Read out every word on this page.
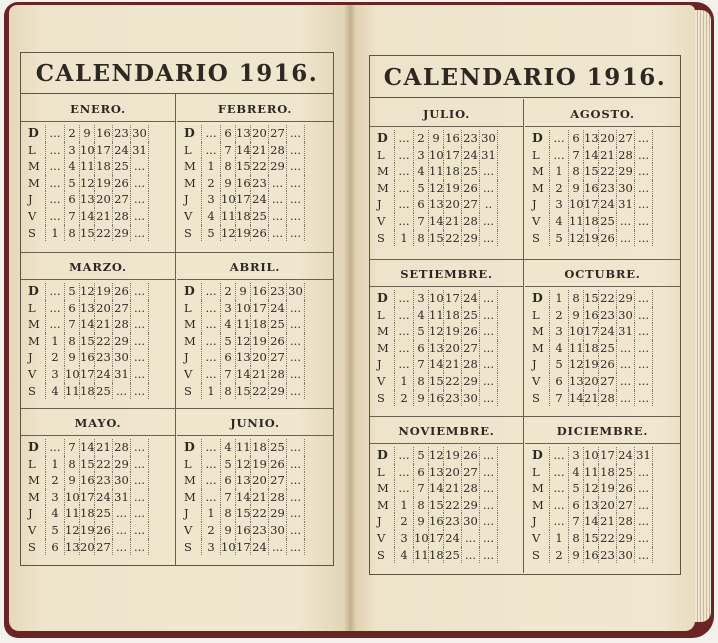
CALENDARIO 1916.
ENERO.
D ... 2 9 16 23 30
L	... 3 10 17 24 31
M ... 4 11 18 25 ...
M ... 5 12 19 26 ...
J	... 6 13 20 27 ...
V	... 7 14 21 28 ...
S	1 8 15 22 29 ...
FEBRERO.
D ... 6 13 20 27 ...
L	... 7 14 21 28 ...
M	1 8 15 22 29 ...
M	2 9 16 23 ... ...
J	3 10 17 24 ... ...
V	4 11 18 25 ... ...
S	5 12 19 26 ... ...
MARZO.
D ... 5 12 19 26 ...
L	... 6 13 20 27 ...
M ... 7 14 21 28 ...
M	1 8 15 22 29 ...
J	2 9 16 23 30 ...
V	3 10 17 24 31 ...
S	4 11 18 25 ... ...
ABRIL.
D ... 2 9 16 23 30
L	... 3 10 17 24 ...
M ... 4 11 18 25 ...
M ... 5 12 19 26 ...
J	... 6 13 20 27 ...
V	... 7 14 21 28 ...
S	1 8 15 22 29 ...
MAYO.
D ... 7 14 21 28 ...
L	1 8 15 22 29 ...
M	2 9 16 23 30 ...
M	3 10 17 24 31 ...
J	4 11 18 25 ... ...
V	5 12 19 26 ... ...
S	6 13 20 27 ... ...
JUNIO.
D ... 4 11 18 25 ...
L	... 5 12 19 26 ...
M ... 6 13 20 27 ...
M ... 7 14 21 28 ...
J	1 8 15 22 29 ...
V	2 9 16 23 30 ...
S	3 10 17 24 ... ...
CALENDARIO 1916.
JULIO.
D ... 2 9 16 23 30
L	... 3 10 17 24 31
M ... 4 11 18 25 ...
M ... 5 12 19 26 ...
J	... 6 13 20 27 ..
V	... 7 14 21 28 ...
S	1 8 15 22 29 ...
AGOSTO.
D ... 6 13 20 27 ...
L	... 7 14 21 28 ...
M	1 8 15 22 29 ...
M	2 9 16 23 30 ...
J	3 10 17 24 31 ...
V	4 11 18 25 ... ...
S	5 12 19 26 ... ...
SETIEMBRE.
D ... 3 10 17 24 ...
L	... 4 11 18 25 ...
M ... 5 12 19 26 ...
M ... 6 13 20 27 ...
J	... 7 14 21 28 ...
V	1 8 15 22 29 ...
S	2 9 16 23 30 ...
OCTUBRE.
D	1 8 15 22 29 ...
L	2 9 16 23 30 ...
M	3 10 17 24 31 ...
M	4 11 18 25 ... ...
J	5 12 19 26 ... ...
V	6 13 20 27 ... ...
S	7 14 21 28 ... ...
NOVIEMBRE.
D ... 5 12 19 26 ...
L	... 6 13 20 27 ...
M ... 7 14 21 28 ...
M	1 8 15 22 29 ...
J	2 9 16 23 30 ...
V	3 10 17 24 ... ...
S	4 11 18 25 ... ...
DICIEMBRE.
D ... 3 10 17 24 31
L	... 4 11 18 25 ...
M ... 5 12 19 26 ...
M ... 6 13 20 27 ...
J	... 7 14 21 28 ...
V	1 8 15 22 29 ...
S	2 9 16 23 30 ...
